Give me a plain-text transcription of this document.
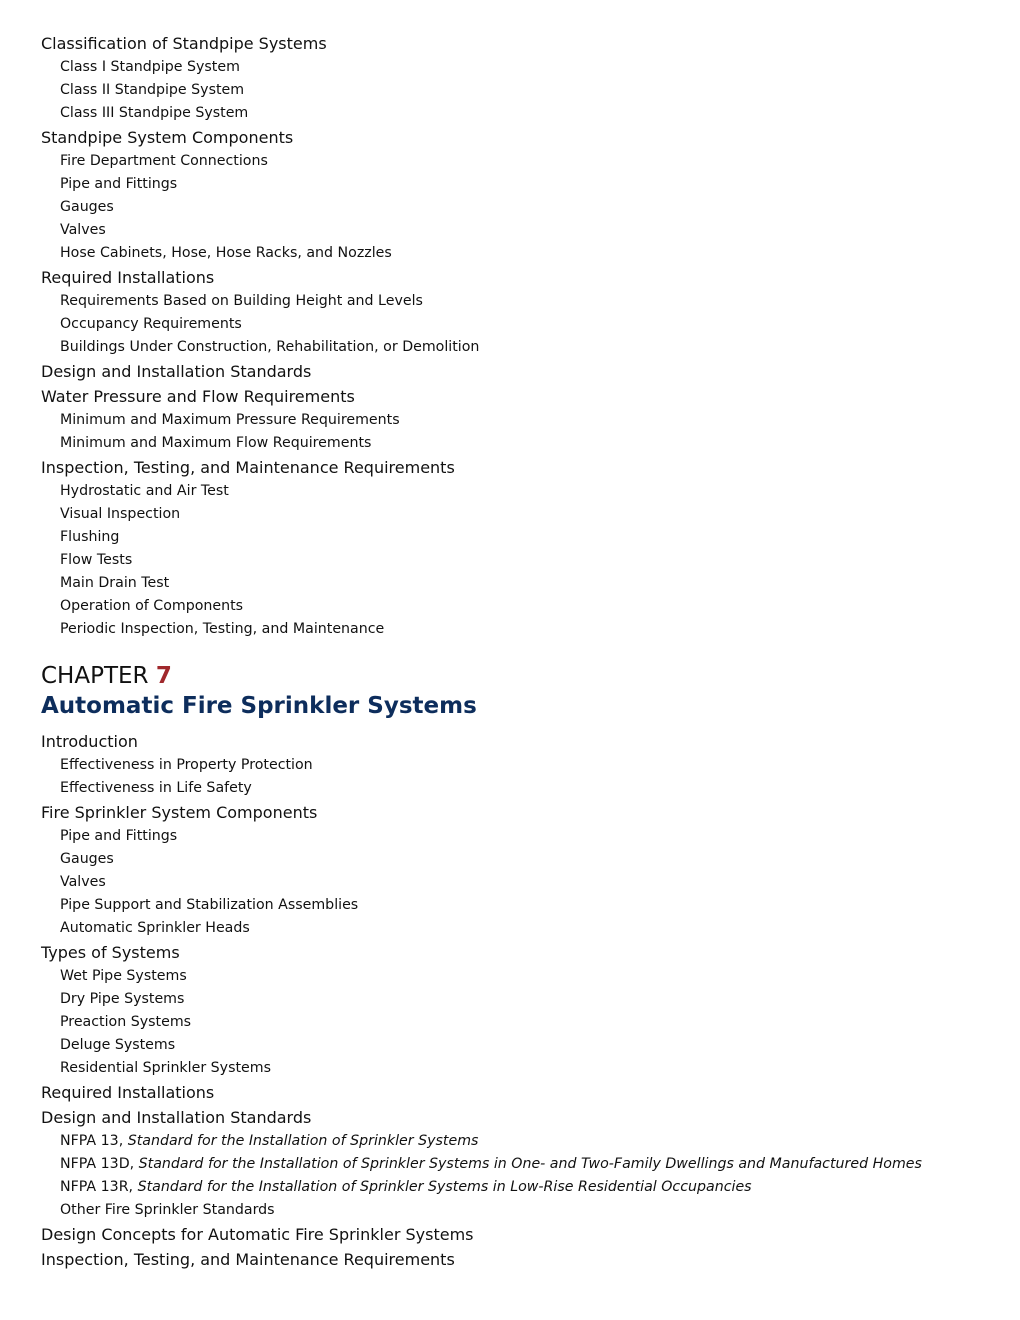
Classification of Standpipe Systems
Class I Standpipe System
Class II Standpipe System
Class III Standpipe System
Standpipe System Components
Fire Department Connections
Pipe and Fittings
Gauges
Valves
Hose Cabinets, Hose, Hose Racks, and Nozzles
Required Installations
Requirements Based on Building Height and Levels
Occupancy Requirements
Buildings Under Construction, Rehabilitation, or Demolition
Design and Installation Standards
Water Pressure and Flow Requirements
Minimum and Maximum Pressure Requirements
Minimum and Maximum Flow Requirements
Inspection, Testing, and Maintenance Requirements
Hydrostatic and Air Test
Visual Inspection
Flushing
Flow Tests
Main Drain Test
Operation of Components
Periodic Inspection, Testing, and Maintenance
CHAPTER 7
Automatic Fire Sprinkler Systems
Introduction
Effectiveness in Property Protection
Effectiveness in Life Safety
Fire Sprinkler System Components
Pipe and Fittings
Gauges
Valves
Pipe Support and Stabilization Assemblies
Automatic Sprinkler Heads
Types of Systems
Wet Pipe Systems
Dry Pipe Systems
Preaction Systems
Deluge Systems
Residential Sprinkler Systems
Required Installations
Design and Installation Standards
NFPA 13, Standard for the Installation of Sprinkler Systems
NFPA 13D, Standard for the Installation of Sprinkler Systems in One- and Two-Family Dwellings and Manufactured Homes
NFPA 13R, Standard for the Installation of Sprinkler Systems in Low-Rise Residential Occupancies
Other Fire Sprinkler Standards
Design Concepts for Automatic Fire Sprinkler Systems
Inspection, Testing, and Maintenance Requirements
